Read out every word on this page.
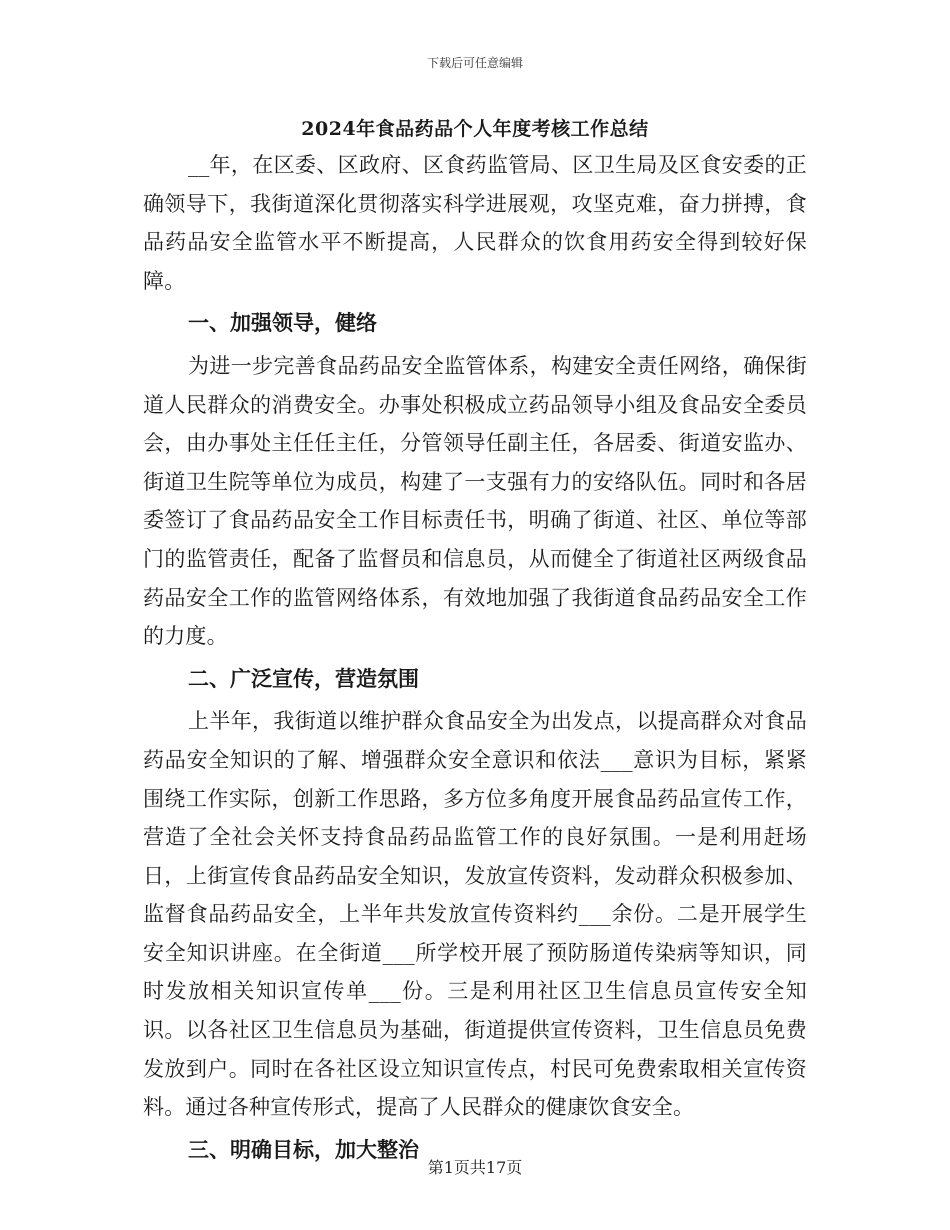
下载后可任意编辑
2024年食品药品个人年度考核工作总结

__年，在区委、区政府、区食药监管局、区卫生局及区食安委的正确领导下，我街道深化贯彻落实科学进展观，攻坚克难，奋力拼搏，食品药品安全监管水平不断提高，人民群众的饮食用药安全得到较好保障。

一、加强领导，健络

为进一步完善食品药品安全监管体系，构建安全责任网络，确保街道人民群众的消费安全。办事处积极成立药品领导小组及食品安全委员会，由办事处主任任主任，分管领导任副主任，各居委、街道安监办、街道卫生院等单位为成员，构建了一支强有力的安络队伍。同时和各居委签订了食品药品安全工作目标责任书，明确了街道、社区、单位等部门的监管责任，配备了监督员和信息员，从而健全了街道社区两级食品药品安全工作的监管网络体系，有效地加强了我街道食品药品安全工作的力度。

二、广泛宣传，营造氛围

上半年，我街道以维护群众食品安全为出发点，以提高群众对食品药品安全知识的了解、增强群众安全意识和依法___意识为目标，紧紧围绕工作实际，创新工作思路，多方位多角度开展食品药品宣传工作，营造了全社会关怀支持食品药品监管工作的良好氛围。一是利用赶场日，上街宣传食品药品安全知识，发放宣传资料，发动群众积极参加、监督食品药品安全，上半年共发放宣传资料约___余份。二是开展学生安全知识讲座。在全街道___所学校开展了预防肠道传染病等知识，同时发放相关知识宣传单___份。三是利用社区卫生信息员宣传安全知识。以各社区卫生信息员为基础，街道提供宣传资料，卫生信息员免费发放到户。同时在各社区设立知识宣传点，村民可免费索取相关宣传资料。通过各种宣传形式，提高了人民群众的健康饮食安全。

三、明确目标，加大整治

第1页共17页
